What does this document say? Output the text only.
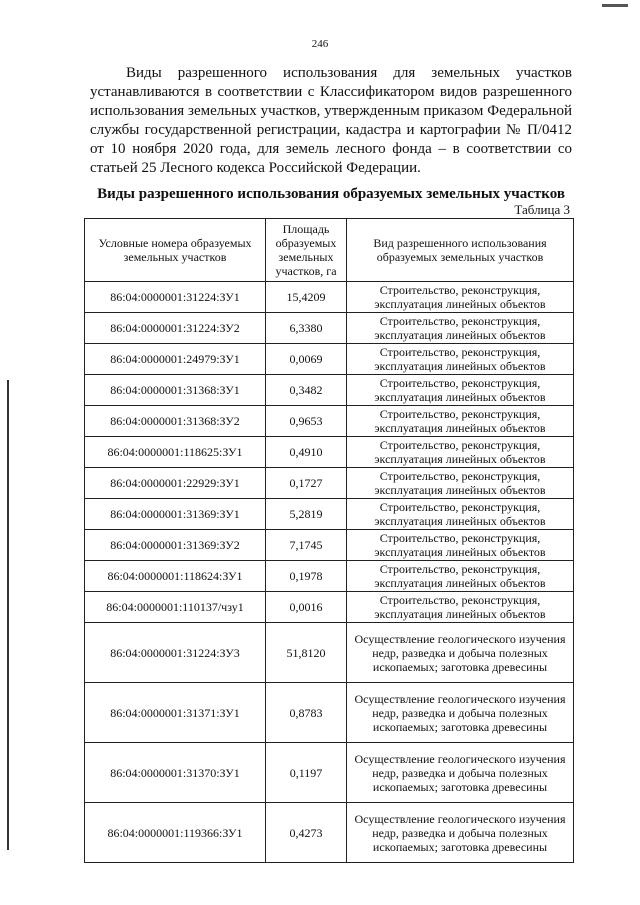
246

Виды разрешенного использования для земельных участков устанавливаются в соответствии с Классификатором видов разрешенного использования земельных участков, утвержденным приказом Федеральной службы государственной регистрации, кадастра и картографии № П/0412 от 10 ноября 2020 года, для земель лесного фонда – в соответствии со статьей 25 Лесного кодекса Российской Федерации.

Виды разрешенного использования образуемых земельных участков
Таблица 3
Условные номера образуемых земельных участков	Площадь образуемых земельных участков, га	Вид разрешенного использования образуемых земельных участков
86:04:0000001:31224:ЗУ1	15,4209	Строительство, реконструкция, эксплуатация линейных объектов
86:04:0000001:31224:ЗУ2	6,3380	Строительство, реконструкция, эксплуатация линейных объектов
86:04:0000001:24979:ЗУ1	0,0069	Строительство, реконструкция, эксплуатация линейных объектов
86:04:0000001:31368:ЗУ1	0,3482	Строительство, реконструкция, эксплуатация линейных объектов
86:04:0000001:31368:ЗУ2	0,9653	Строительство, реконструкция, эксплуатация линейных объектов
86:04:0000001:118625:ЗУ1	0,4910	Строительство, реконструкция, эксплуатация линейных объектов
86:04:0000001:22929:ЗУ1	0,1727	Строительство, реконструкция, эксплуатация линейных объектов
86:04:0000001:31369:ЗУ1	5,2819	Строительство, реконструкция, эксплуатация линейных объектов
86:04:0000001:31369:ЗУ2	7,1745	Строительство, реконструкция, эксплуатация линейных объектов
86:04:0000001:118624:ЗУ1	0,1978	Строительство, реконструкция, эксплуатация линейных объектов
86:04:0000001:110137/чзу1	0,0016	Строительство, реконструкция, эксплуатация линейных объектов
86:04:0000001:31224:ЗУ3	51,8120	Осуществление геологического изучения недр, разведка и добыча полезных ископаемых; заготовка древесины
86:04:0000001:31371:ЗУ1	0,8783	Осуществление геологического изучения недр, разведка и добыча полезных ископаемых; заготовка древесины
86:04:0000001:31370:ЗУ1	0,1197	Осуществление геологического изучения недр, разведка и добыча полезных ископаемых; заготовка древесины
86:04:0000001:119366:ЗУ1	0,4273	Осуществление геологического изучения недр, разведка и добыча полезных ископаемых; заготовка древесины
